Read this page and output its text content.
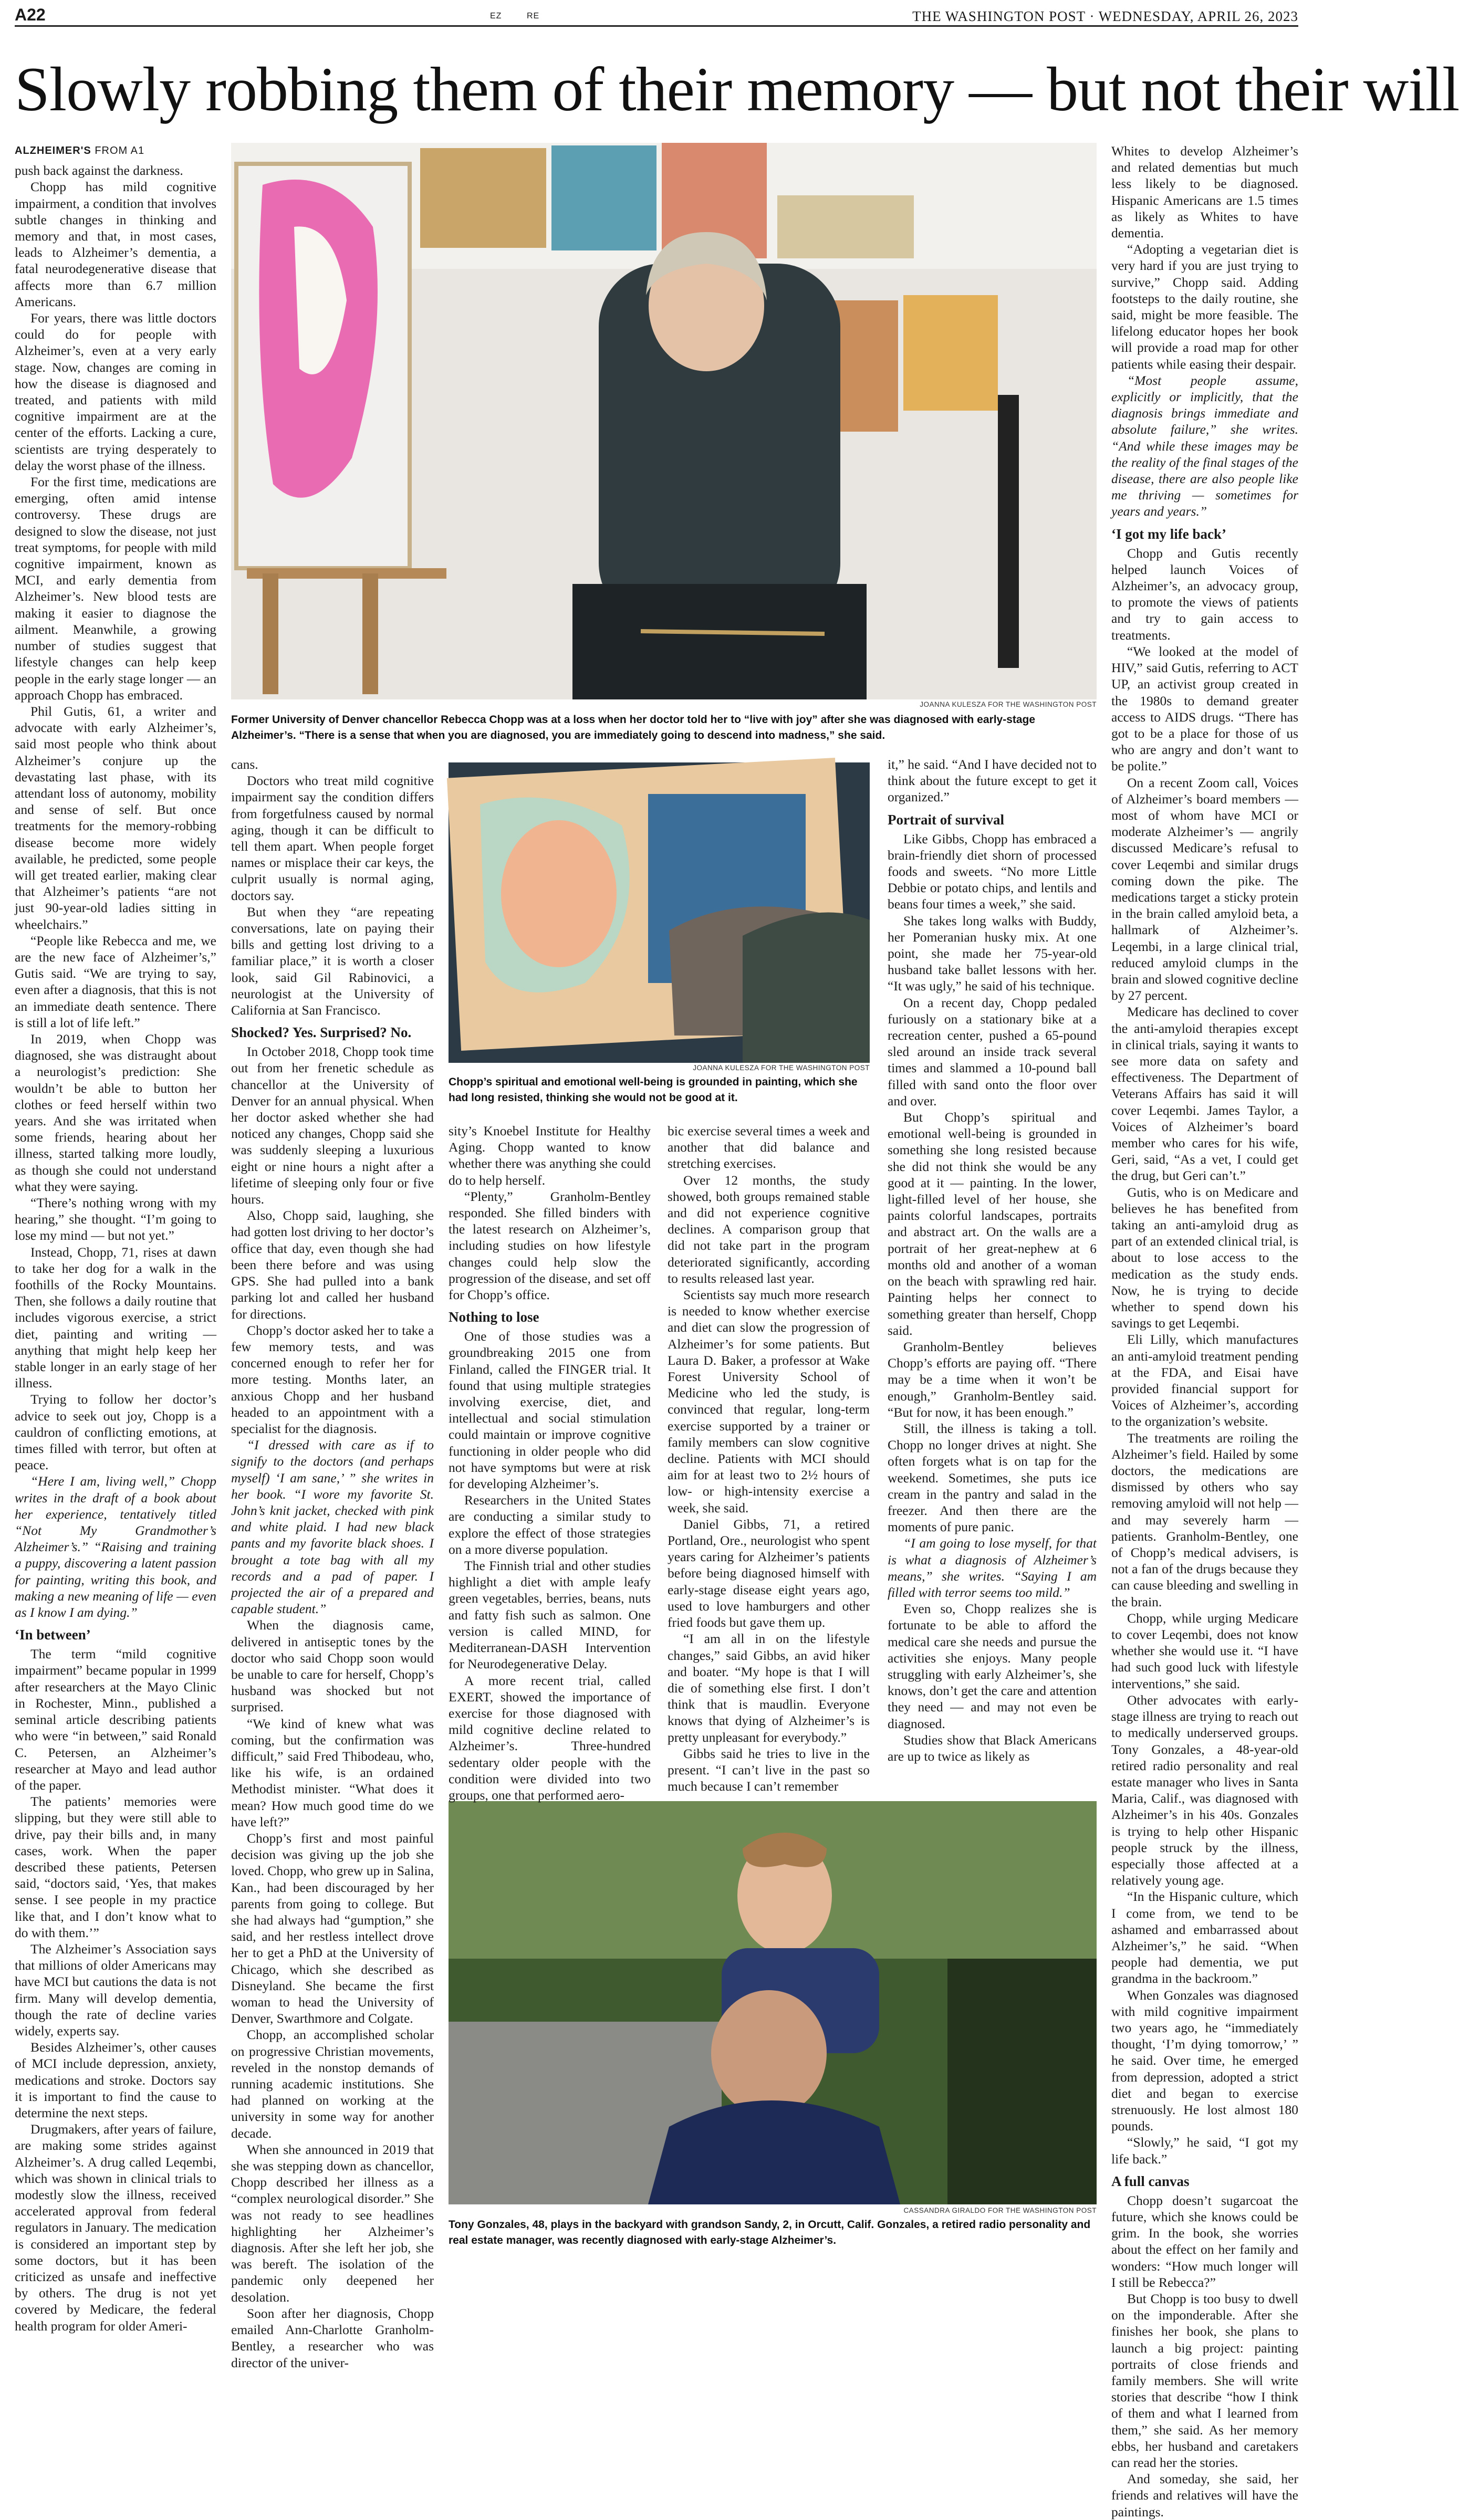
A22	EZ	RE	THE WASHINGTON POST · WEDNESDAY, APRIL 26, 2023
Slowly robbing them of their memory — but not their will
JOANNA KULESZA FOR THE WASHINGTON POST
Former University of Denver chancellor Rebecca Chopp was at a loss when her doctor told her to “live with joy” after she was diagnosed with early-stage Alzheimer’s. “There is a sense that when you are diagnosed, you are immediately going to descend into madness,” she said.
JOANNA KULESZA FOR THE WASHINGTON POST
Chopp’s spiritual and emotional well-being is grounded in painting, which she had long resisted, thinking she would not be good at it.
CASSANDRA GIRALDO FOR THE WASHINGTON POST
Tony Gonzales, 48, plays in the backyard with grandson Sandy, 2, in Orcutt, Calif. Gonzales, a retired radio personality and real estate manager, was recently diagnosed with early-stage Alzheimer’s.
ALZHEIMER'S FROM A1

push back against the darkness.

Chopp has mild cognitive impairment, a condition that involves subtle changes in thinking and memory and that, in most cases, leads to Alzheimer’s dementia, a fatal neurodegenerative disease that affects more than 6.7 million Americans.

For years, there was little doctors could do for people with Alzheimer’s, even at a very early stage. Now, changes are coming in how the disease is diagnosed and treated, and patients with mild cognitive impairment are at the center of the efforts. Lacking a cure, scientists are trying desperately to delay the worst phase of the illness.

For the first time, medications are emerging, often amid intense controversy. These drugs are designed to slow the disease, not just treat symptoms, for people with mild cognitive impairment, known as MCI, and early dementia from Alzheimer’s. New blood tests are making it easier to diagnose the ailment. Meanwhile, a growing number of studies suggest that lifestyle changes can help keep people in the early stage longer — an approach Chopp has embraced.

Phil Gutis, 61, a writer and advocate with early Alzheimer’s, said most people who think about Alzheimer’s conjure up the devastating last phase, with its attendant loss of autonomy, mobility and sense of self. But once treatments for the memory-robbing disease become more widely available, he predicted, some people will get treated earlier, making clear that Alzheimer’s patients “are not just 90-year-old ladies sitting in wheelchairs.”

“People like Rebecca and me, we are the new face of Alzheimer’s,” Gutis said. “We are trying to say, even after a diagnosis, that this is not an immediate death sentence. There is still a lot of life left.”

In 2019, when Chopp was diagnosed, she was distraught about a neurologist’s prediction: She wouldn’t be able to button her clothes or feed herself within two years. And she was irritated when some friends, hearing about her illness, started talking more loudly, as though she could not understand what they were saying.

“There’s nothing wrong with my hearing,” she thought. “I’m going to lose my mind — but not yet.”

Instead, Chopp, 71, rises at dawn to take her dog for a walk in the foothills of the Rocky Mountains. Then, she follows a daily routine that includes vigorous exercise, a strict diet, painting and writing — anything that might help keep her stable longer in an early stage of her illness.

Trying to follow her doctor’s advice to seek out joy, Chopp is a cauldron of conflicting emotions, at times filled with terror, but often at peace.

“Here I am, living well,” Chopp writes in the draft of a book about her experience, tentatively titled “Not My Grandmother’s Alzheimer’s.” “Raising and training a puppy, discovering a latent passion for painting, writing this book, and making a new meaning of life — even as I know I am dying.”

‘In between’

The term “mild cognitive impairment” became popular in 1999 after researchers at the Mayo Clinic in Rochester, Minn., published a seminal article describing patients who were “in between,” said Ronald C. Petersen, an Alzheimer’s researcher at Mayo and lead author of the paper.

The patients’ memories were slipping, but they were still able to drive, pay their bills and, in many cases, work. When the paper described these patients, Petersen said, “doctors said, ‘Yes, that makes sense. I see people in my practice like that, and I don’t know what to do with them.’”

The Alzheimer’s Association says that millions of older Americans may have MCI but cautions the data is not firm. Many will develop dementia, though the rate of decline varies widely, experts say.

Besides Alzheimer’s, other causes of MCI include depression, anxiety, medications and stroke. Doctors say it is important to find the cause to determine the next steps.

Drugmakers, after years of failure, are making some strides against Alzheimer’s. A drug called Leqembi, which was shown in clinical trials to modestly slow the illness, received accelerated approval from federal regulators in January. The medication is considered an important step by some doctors, but it has been criticized as unsafe and ineffective by others. The drug is not yet covered by Medicare, the federal health program for older Ameri-

cans.

Doctors who treat mild cognitive impairment say the condition differs from forgetfulness caused by normal aging, though it can be difficult to tell them apart. When people forget names or misplace their car keys, the culprit usually is normal aging, doctors say.

But when they “are repeating conversations, late on paying their bills and getting lost driving to a familiar place,” it is worth a closer look, said Gil Rabinovici, a neurologist at the University of California at San Francisco.

Shocked? Yes. Surprised? No.

In October 2018, Chopp took time out from her frenetic schedule as chancellor at the University of Denver for an annual physical. When her doctor asked whether she had noticed any changes, Chopp said she was suddenly sleeping a luxurious eight or nine hours a night after a lifetime of sleeping only four or five hours.

Also, Chopp said, laughing, she had gotten lost driving to her doctor’s office that day, even though she had been there before and was using GPS. She had pulled into a bank parking lot and called her husband for directions.

Chopp’s doctor asked her to take a few memory tests, and was concerned enough to refer her for more testing. Months later, an anxious Chopp and her husband headed to an appointment with a specialist for the diagnosis.

“I dressed with care as if to signify to the doctors (and perhaps myself) ‘I am sane,’ ” she writes in her book. “I wore my favorite St. John’s knit jacket, checked with pink and white plaid. I had new black pants and my favorite black shoes. I brought a tote bag with all my records and a pad of paper. I projected the air of a prepared and capable student.”

When the diagnosis came, delivered in antiseptic tones by the doctor who said Chopp soon would be unable to care for herself, Chopp’s husband was shocked but not surprised.

“We kind of knew what was coming, but the confirmation was difficult,” said Fred Thibodeau, who, like his wife, is an ordained Methodist minister. “What does it mean? How much good time do we have left?”

Chopp’s first and most painful decision was giving up the job she loved. Chopp, who grew up in Salina, Kan., had been discouraged by her parents from going to college. But she had always had “gumption,” she said, and her restless intellect drove her to get a PhD at the University of Chicago, which she described as Disneyland. She became the first woman to head the University of Denver, Swarthmore and Colgate.

Chopp, an accomplished scholar on progressive Christian movements, reveled in the nonstop demands of running academic institutions. She had planned on working at the university in some way for another decade.

When she announced in 2019 that she was stepping down as chancellor, Chopp described her illness as a “complex neurological disorder.” She was not ready to see headlines highlighting her Alzheimer’s diagnosis. After she left her job, she was bereft. The isolation of the pandemic only deepened her desolation.

Soon after her diagnosis, Chopp emailed Ann-Charlotte Granholm-Bentley, a researcher who was director of the univer-

sity’s Knoebel Institute for Healthy Aging. Chopp wanted to know whether there was anything she could do to help herself.

“Plenty,” Granholm-Bentley responded. She filled binders with the latest research on Alzheimer’s, including studies on how lifestyle changes could help slow the progression of the disease, and set off for Chopp’s office.

Nothing to lose

One of those studies was a groundbreaking 2015 one from Finland, called the FINGER trial. It found that using multiple strategies involving exercise, diet, and intellectual and social stimulation could maintain or improve cognitive functioning in older people who did not have symptoms but were at risk for developing Alzheimer’s.

Researchers in the United States are conducting a similar study to explore the effect of those strategies on a more diverse population.

The Finnish trial and other studies highlight a diet with ample leafy green vegetables, berries, beans, nuts and fatty fish such as salmon. One version is called MIND, for Mediterranean-DASH Intervention for Neurodegenerative Delay.

A more recent trial, called EXERT, showed the importance of exercise for those diagnosed with mild cognitive decline related to Alzheimer’s. Three-hundred sedentary older people with the condition were divided into two groups, one that performed aero-

bic exercise several times a week and another that did balance and stretching exercises.

Over 12 months, the study showed, both groups remained stable and did not experience cognitive declines. A comparison group that did not take part in the program deteriorated significantly, according to results released last year.

Scientists say much more research is needed to know whether exercise and diet can slow the progression of Alzheimer’s for some patients. But Laura D. Baker, a professor at Wake Forest University School of Medicine who led the study, is convinced that regular, long-term exercise supported by a trainer or family members can slow cognitive decline. Patients with MCI should aim for at least two to 2½ hours of low- or high-intensity exercise a week, she said.

Daniel Gibbs, 71, a retired Portland, Ore., neurologist who spent years caring for Alzheimer’s patients before being diagnosed himself with early-stage disease eight years ago, used to love hamburgers and other fried foods but gave them up.

“I am all in on the lifestyle changes,” said Gibbs, an avid hiker and boater. “My hope is that I will die of something else first. I don’t think that is maudlin. Everyone knows that dying of Alzheimer’s is pretty unpleasant for everybody.”

Gibbs said he tries to live in the present. “I can’t live in the past so much because I can’t remember

it,” he said. “And I have decided not to think about the future except to get it organized.”

Portrait of survival

Like Gibbs, Chopp has embraced a brain-friendly diet shorn of processed foods and sweets. “No more Little Debbie or potato chips, and lentils and beans four times a week,” she said.

She takes long walks with Buddy, her Pomeranian husky mix. At one point, she made her 75-year-old husband take ballet lessons with her. “It was ugly,” he said of his technique.

On a recent day, Chopp pedaled furiously on a stationary bike at a recreation center, pushed a 65-pound sled around an inside track several times and slammed a 10-pound ball filled with sand onto the floor over and over.

But Chopp’s spiritual and emotional well-being is grounded in something she long resisted because she did not think she would be any good at it — painting. In the lower, light-filled level of her house, she paints colorful landscapes, portraits and abstract art. On the walls are a portrait of her great-nephew at 6 months old and another of a woman on the beach with sprawling red hair. Painting helps her connect to something greater than herself, Chopp said.

Granholm-Bentley believes Chopp’s efforts are paying off. “There may be a time when it won’t be enough,” Granholm-Bentley said. “But for now, it has been enough.”

Still, the illness is taking a toll. Chopp no longer drives at night. She often forgets what is on tap for the weekend. Sometimes, she puts ice cream in the pantry and salad in the freezer. And then there are the moments of pure panic.

“I am going to lose myself, for that is what a diagnosis of Alzheimer’s means,” she writes. “Saying I am filled with terror seems too mild.”

Even so, Chopp realizes she is fortunate to be able to afford the medical care she needs and pursue the activities she enjoys. Many people struggling with early Alzheimer’s, she knows, don’t get the care and attention they need — and may not even be diagnosed.

Studies show that Black Americans are up to twice as likely as

Whites to develop Alzheimer’s and related dementias but much less likely to be diagnosed. Hispanic Americans are 1.5 times as likely as Whites to have dementia.

“Adopting a vegetarian diet is very hard if you are just trying to survive,” Chopp said. Adding footsteps to the daily routine, she said, might be more feasible. The lifelong educator hopes her book will provide a road map for other patients while easing their despair.

“Most people assume, explicitly or implicitly, that the diagnosis brings immediate and absolute failure,” she writes. “And while these images may be the reality of the final stages of the disease, there are also people like me thriving — sometimes for years and years.”

‘I got my life back’

Chopp and Gutis recently helped launch Voices of Alzheimer’s, an advocacy group, to promote the views of patients and try to gain access to treatments.

“We looked at the model of HIV,” said Gutis, referring to ACT UP, an activist group created in the 1980s to demand greater access to AIDS drugs. “There has got to be a place for those of us who are angry and don’t want to be polite.”

On a recent Zoom call, Voices of Alzheimer’s board members — most of whom have MCI or moderate Alzheimer’s — angrily discussed Medicare’s refusal to cover Leqembi and similar drugs coming down the pike. The medications target a sticky protein in the brain called amyloid beta, a hallmark of Alzheimer’s. Leqembi, in a large clinical trial, reduced amyloid clumps in the brain and slowed cognitive decline by 27 percent.

Medicare has declined to cover the anti-amyloid therapies except in clinical trials, saying it wants to see more data on safety and effectiveness. The Department of Veterans Affairs has said it will cover Leqembi. James Taylor, a Voices of Alzheimer’s board member who cares for his wife, Geri, said, “As a vet, I could get the drug, but Geri can’t.”

Gutis, who is on Medicare and believes he has benefited from taking an anti-amyloid drug as part of an extended clinical trial, is about to lose access to the medication as the study ends. Now, he is trying to decide whether to spend down his savings to get Leqembi.

Eli Lilly, which manufactures an anti-amyloid treatment pending at the FDA, and Eisai have provided financial support for Voices of Alzheimer’s, according to the organization’s website.

The treatments are roiling the Alzheimer’s field. Hailed by some doctors, the medications are dismissed by others who say removing amyloid will not help — and may severely harm — patients. Granholm-Bentley, one of Chopp’s medical advisers, is not a fan of the drugs because they can cause bleeding and swelling in the brain.

Chopp, while urging Medicare to cover Leqembi, does not know whether she would use it. “I have had such good luck with lifestyle interventions,” she said.

Other advocates with early-stage illness are trying to reach out to medically underserved groups. Tony Gonzales, a 48-year-old retired radio personality and real estate manager who lives in Santa Maria, Calif., was diagnosed with Alzheimer’s in his 40s. Gonzales is trying to help other Hispanic people struck by the illness, especially those affected at a relatively young age.

“In the Hispanic culture, which I come from, we tend to be ashamed and embarrassed about Alzheimer’s,” he said. “When people had dementia, we put grandma in the backroom.”

When Gonzales was diagnosed with mild cognitive impairment two years ago, he “immediately thought, ‘I’m dying tomorrow,’ ” he said. Over time, he emerged from depression, adopted a strict diet and began to exercise strenuously. He lost almost 180 pounds.

“Slowly,” he said, “I got my life back.”

A full canvas

Chopp doesn’t sugarcoat the future, which she knows could be grim. In the book, she worries about the effect on her family and wonders: “How much longer will I still be Rebecca?”

But Chopp is too busy to dwell on the imponderable. After she finishes her book, she plans to launch a big project: painting portraits of close friends and family members. She will write stories that describe “how I think of them and what I learned from them,” she said. As her memory ebbs, her husband and caretakers can read her the stories.

And someday, she said, her friends and relatives will have the paintings.
